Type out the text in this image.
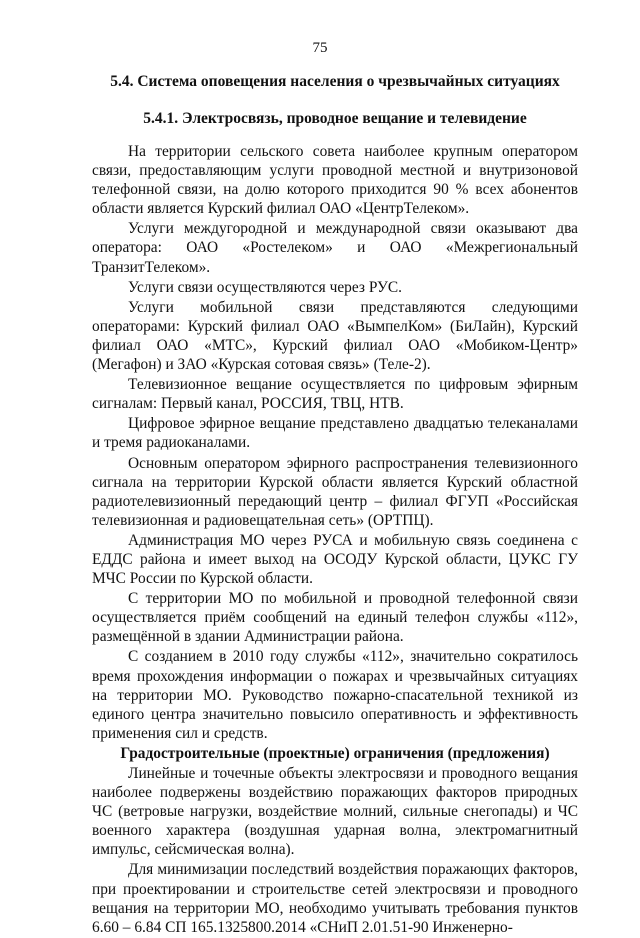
75
5.4. Система оповещения населения о чрезвычайных ситуациях
5.4.1. Электросвязь, проводное вещание и телевидение

На территории сельского совета наиболее крупным оператором связи, предоставляющим услуги проводной местной и внутризоновой телефонной связи, на долю которого приходится 90 % всех абонентов области является Курский филиал ОАО «ЦентрТелеком».

Услуги междугородной и международной связи оказывают два оператора: ОАО «Ростелеком» и ОАО «Межрегиональный ТранзитТелеком».

Услуги связи осуществляются через РУС.

Услуги мобильной связи представляются следующими операторами: Курский филиал ОАО «ВымпелКом» (БиЛайн), Курский филиал ОАО «МТС», Курский филиал ОАО «Мобиком-Центр» (Мегафон) и ЗАО «Курская сотовая связь» (Теле-2).

Телевизионное вещание осуществляется по цифровым эфирным сигналам: Первый канал, РОССИЯ, ТВЦ, НТВ.

Цифровое эфирное вещание представлено двадцатью телеканалами и тремя радиоканалами.

Основным оператором эфирного распространения телевизионного сигнала на территории Курской области является Курский областной радиотелевизионный передающий центр – филиал ФГУП «Российская телевизионная и радиовещательная сеть» (ОРТПЦ).

Администрация МО через РУСА и мобильную связь соединена с ЕДДС района и имеет выход на ОСОДУ Курской области, ЦУКС ГУ МЧС России по Курской области.

С территории МО по мобильной и проводной телефонной связи осуществляется приём сообщений на единый телефон службы «112», размещённой в здании Администрации района.

С созданием в 2010 году службы «112», значительно сократилось время прохождения информации о пожарах и чрезвычайных ситуациях на территории МО. Руководство пожарно-спасательной техникой из единого центра значительно повысило оперативность и эффективность применения сил и средств.

Градостроительные (проектные) ограничения (предложения)

Линейные и точечные объекты электросвязи и проводного вещания наиболее подвержены воздействию поражающих факторов природных ЧС (ветровые нагрузки, воздействие молний, сильные снегопады) и ЧС военного характера (воздушная ударная волна, электромагнитный импульс, сейсмическая волна).

Для минимизации последствий воздействия поражающих факторов, при проектировании и строительстве сетей электросвязи и проводного вещания на территории МО, необходимо учитывать требования пунктов 6.60 – 6.84 СП 165.1325800.2014 «СНиП 2.01.51-90 Инженерно-
